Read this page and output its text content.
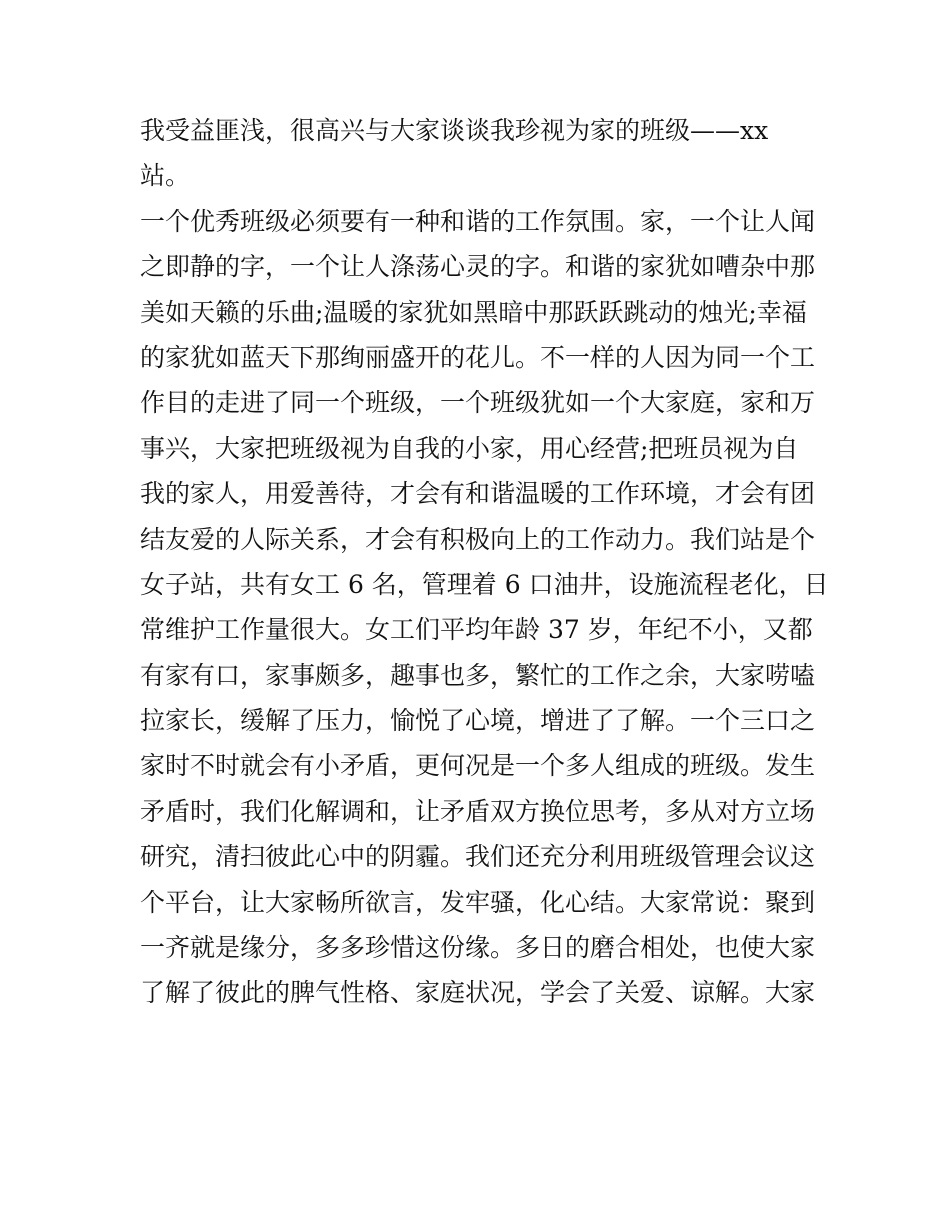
我受益匪浅，很高兴与大家谈谈我珍视为家的班级——xx
站。
一个优秀班级必须要有一种和谐的工作氛围。家，一个让人闻
之即静的字，一个让人涤荡心灵的字。和谐的家犹如嘈杂中那
美如天籁的乐曲;温暖的家犹如黑暗中那跃跃跳动的烛光;幸福
的家犹如蓝天下那绚丽盛开的花儿。不一样的人因为同一个工
作目的走进了同一个班级，一个班级犹如一个大家庭，家和万
事兴，大家把班级视为自我的小家，用心经营;把班员视为自
我的家人，用爱善待，才会有和谐温暖的工作环境，才会有团
结友爱的人际关系，才会有积极向上的工作动力。我们站是个
女子站，共有女工 6 名，管理着 6 口油井，设施流程老化，日
常维护工作量很大。女工们平均年龄 37 岁，年纪不小，又都
有家有口，家事颇多，趣事也多，繁忙的工作之余，大家唠嗑
拉家长，缓解了压力，愉悦了心境，增进了了解。一个三口之
家时不时就会有小矛盾，更何况是一个多人组成的班级。发生
矛盾时，我们化解调和，让矛盾双方换位思考，多从对方立场
研究，清扫彼此心中的阴霾。我们还充分利用班级管理会议这
个平台，让大家畅所欲言，发牢骚，化心结。大家常说：聚到
一齐就是缘分，多多珍惜这份缘。多日的磨合相处，也使大家
了解了彼此的脾气性格、家庭状况，学会了关爱、谅解。大家
